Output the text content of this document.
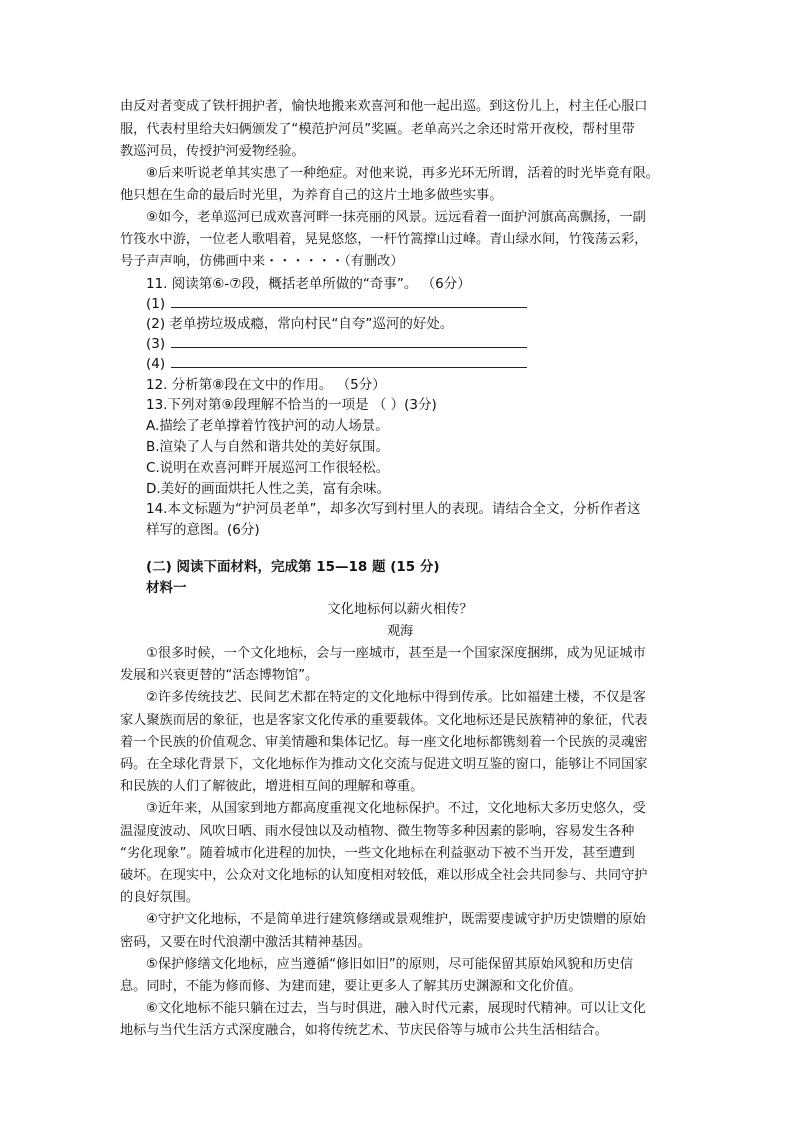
由反对者变成了铁杆拥护者，愉快地搬来欢喜河和他一起出巡。到这份儿上，村主任心服口
服，代表村里给夫妇俩颁发了“模范护河员”奖匾。老单高兴之余还时常开夜校，帮村里带
教巡河员，传授护河爱物经验。
⑧后来听说老单其实患了一种绝症。对他来说，再多光环无所谓，活着的时光毕竟有限。
他只想在生命的最后时光里，为养育自己的这片土地多做些实事。
⑨如今，老单巡河已成欢喜河畔一抹亮丽的风景。远远看着一面护河旗高高飘扬，一副
竹筏水中游，一位老人歌唱着，晃晃悠悠，一杆竹篙撑山过峰。青山绿水间，竹筏荡云彩，
号子声声响，仿佛画中来・・・・・・（有删改）
11. 阅读第⑥-⑦段，概括老单所做的“奇事”。 （6分）
(1)
(2) 老单捞垃圾成瘾，常向村民“自夸”巡河的好处。
(3)
(4)
12. 分析第⑧段在文中的作用。 （5分）
13.下列对第⑨段理解不恰当的一项是 （ ）(3分)
A.描绘了老单撑着竹筏护河的动人场景。
B.渲染了人与自然和谐共处的美好氛围。
C.说明在欢喜河畔开展巡河工作很轻松。
D.美好的画面烘托人性之美，富有余味。
14.本文标题为“护河员老单”，却多次写到村里人的表现。请结合全文，分析作者这
样写的意图。(6分)
(二) 阅读下面材料，完成第 15—18 题 (15 分)
材料一
文化地标何以薪火相传？
观海
①很多时候，一个文化地标，会与一座城市，甚至是一个国家深度捆绑，成为见证城市
发展和兴衰更替的“活态博物馆”。
②许多传统技艺、民间艺术都在特定的文化地标中得到传承。比如福建土楼，不仅是客
家人聚族而居的象征，也是客家文化传承的重要载体。文化地标还是民族精神的象征，代表
着一个民族的价值观念、审美情趣和集体记忆。每一座文化地标都镌刻着一个民族的灵魂密
码。在全球化背景下，文化地标作为推动文化交流与促进文明互鉴的窗口，能够让不同国家
和民族的人们了解彼此，增进相互间的理解和尊重。
③近年来，从国家到地方都高度重视文化地标保护。不过，文化地标大多历史悠久，受
温湿度波动、风吹日晒、雨水侵蚀以及动植物、微生物等多种因素的影响，容易发生各种
“劣化现象”。随着城市化进程的加快，一些文化地标在利益驱动下被不当开发，甚至遭到
破坏。在现实中，公众对文化地标的认知度相对较低，难以形成全社会共同参与、共同守护
的良好氛围。
④守护文化地标，不是简单进行建筑修缮或景观维护，既需要虔诚守护历史馈赠的原始
密码，又要在时代浪潮中激活其精神基因。
⑤保护修缮文化地标，应当遵循“修旧如旧”的原则，尽可能保留其原始风貌和历史信
息。同时，不能为修而修、为建而建，要让更多人了解其历史渊源和文化价值。
⑥文化地标不能只躺在过去，当与时俱进，融入时代元素，展现时代精神。可以让文化
地标与当代生活方式深度融合，如将传统艺术、节庆民俗等与城市公共生活相结合。
